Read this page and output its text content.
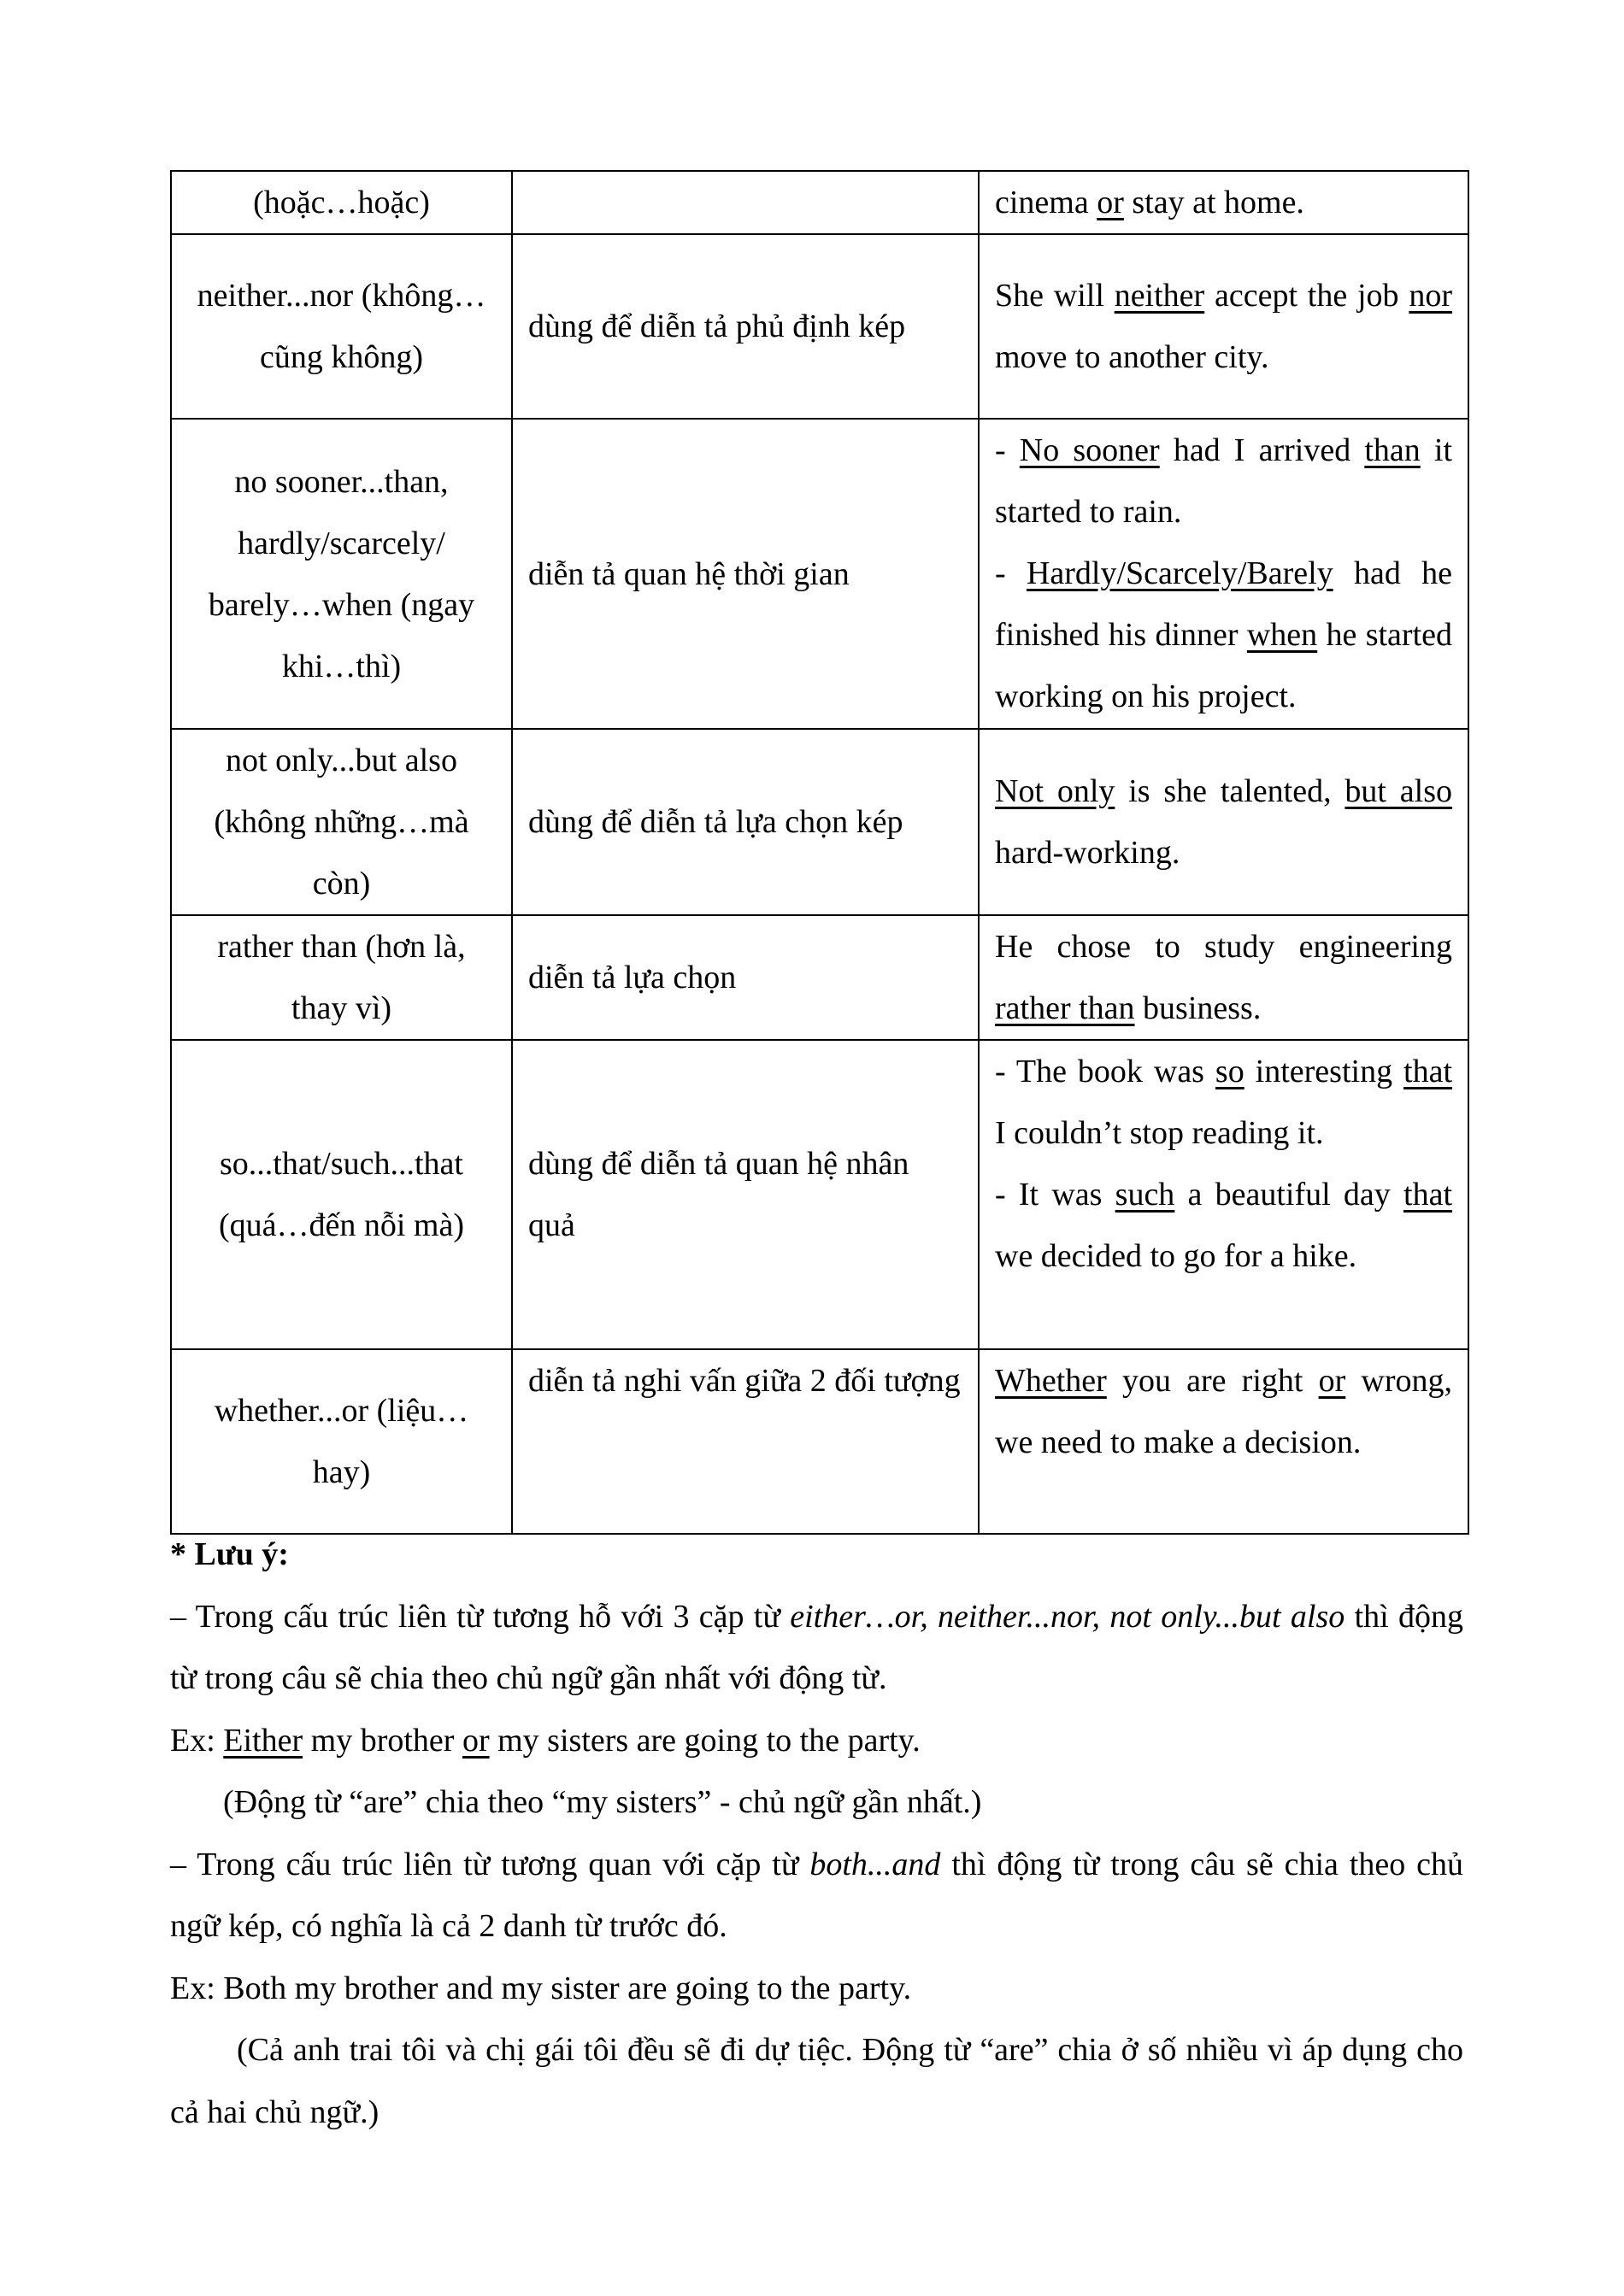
(hoặc…hoặc)		cinema or stay at home.
neither...nor (không…cũng không)	dùng để diễn tả phủ định kép	She will neither accept the job nor move to another city.
no sooner...than, hardly/scarcely/ barely…when (ngay khi…thì)	diễn tả quan hệ thời gian	- No sooner had I arrived than it started to rain.
- Hardly/Scarcely/Barely had he finished his dinner when he started working on his project.
not only...but also (không những…mà còn)	dùng để diễn tả lựa chọn kép	Not only is she talented, but also hard-working.
rather than (hơn là, thay vì)	diễn tả lựa chọn	He chose to study engineering rather than business.
so...that/such...that (quá…đến nỗi mà)	dùng để diễn tả quan hệ nhân quả	- The book was so interesting that I couldn’t stop reading it.
- It was such a beautiful day that we decided to go for a hike.
whether...or (liệu…hay)	diễn tả nghi vấn giữa 2 đối tượng	Whether you are right or wrong, we need to make a decision.

* Lưu ý:

– Trong cấu trúc liên từ tương hỗ với 3 cặp từ either…or, neither...nor, not only...but also thì động từ trong câu sẽ chia theo chủ ngữ gần nhất với động từ.

Ex: Either my brother or my sisters are going to the party.

(Động từ “are” chia theo “my sisters” - chủ ngữ gần nhất.)

– Trong cấu trúc liên từ tương quan với cặp từ both...and thì động từ trong câu sẽ chia theo chủ ngữ kép, có nghĩa là cả 2 danh từ trước đó.

Ex: Both my brother and my sister are going to the party.

(Cả anh trai tôi và chị gái tôi đều sẽ đi dự tiệc. Động từ “are” chia ở số nhiều vì áp dụng cho cả hai chủ ngữ.)
